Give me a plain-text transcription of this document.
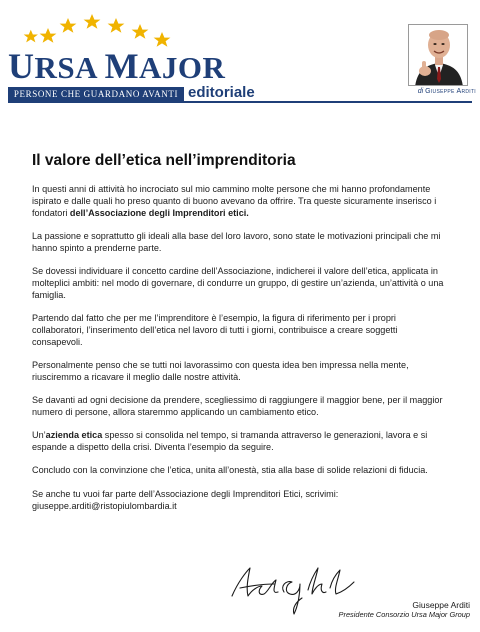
URSA MAJOR
PERSONE CHE GUARDANO AVANTI editoriale	di Giuseppe Arditi
Il valore dell’etica nell’imprenditoria

In questi anni di attività ho incrociato sul mio cammino molte persone che mi hanno profondamente ispirato e dalle quali ho preso quanto di buono avevano da offrire. Tra queste sicuramente inserisco i fondatori dell’Associazione degli Imprenditori etici.

La passione e soprattutto gli ideali alla base del loro lavoro, sono state le motivazioni principali che mi hanno spinto a prenderne parte.

Se dovessi individuare il concetto cardine dell’Associazione, indicherei il valore dell’etica, applicata in molteplici ambiti: nel modo di governare, di condurre un gruppo, di gestire un’azienda, un’attività o una famiglia.

Partendo dal fatto che per me l’imprenditore è l’esempio, la figura di riferimento per i propri collaboratori, l’inserimento dell’etica nel lavoro di tutti i giorni, contribuisce a creare soggetti consapevoli.

Personalmente penso che se tutti noi lavorassimo con questa idea ben impressa nella mente, riusciremmo a ricavare il meglio dalle nostre attività.

Se davanti ad ogni decisione da prendere, scegliessimo di raggiungere il maggior bene, per il maggior numero di persone, allora staremmo applicando un cambiamento etico.

Un’azienda etica spesso si consolida nel tempo, si tramanda attraverso le generazioni, lavora e si espande a dispetto della crisi. Diventa l’esempio da seguire.

Concludo con la convinzione che l’etica, unita all’onestà, stia alla base di solide relazioni di fiducia.

Se anche tu vuoi far parte dell’Associazione degli Imprenditori Etici, scrivimi:
giuseppe.arditi@ristopiulombardia.it

Giuseppe Arditi
Presidente Consorzio Ursa Major Group
